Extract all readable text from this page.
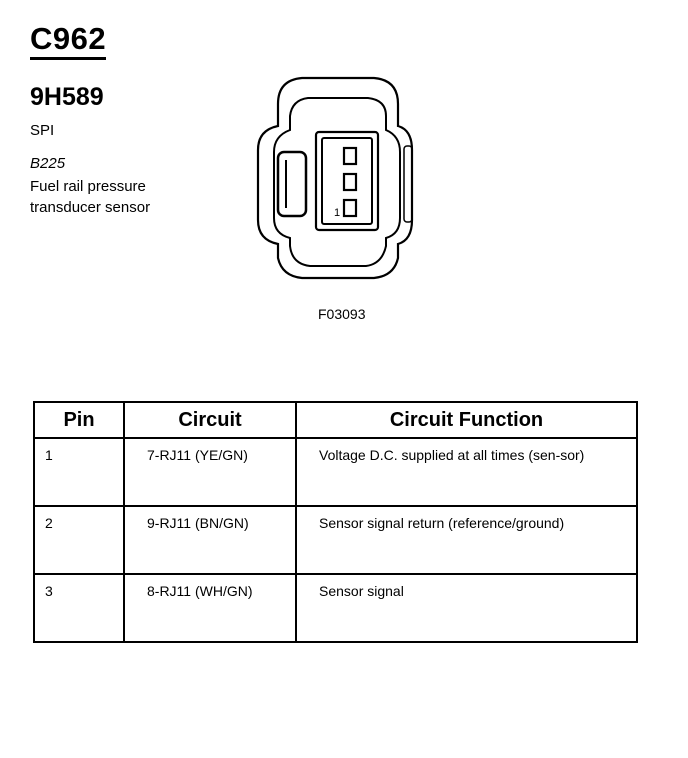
C962
9H589
SPI
B225
Fuel rail pressure transducer sensor	1
F03093
Pin	Circuit	Circuit Function
1	7-RJ11 (YE/GN)	Voltage D.C. supplied at all times (sen-sor)
2	9-RJ11 (BN/GN)	Sensor signal return (reference/ground)
3	8-RJ11 (WH/GN)	Sensor signal
